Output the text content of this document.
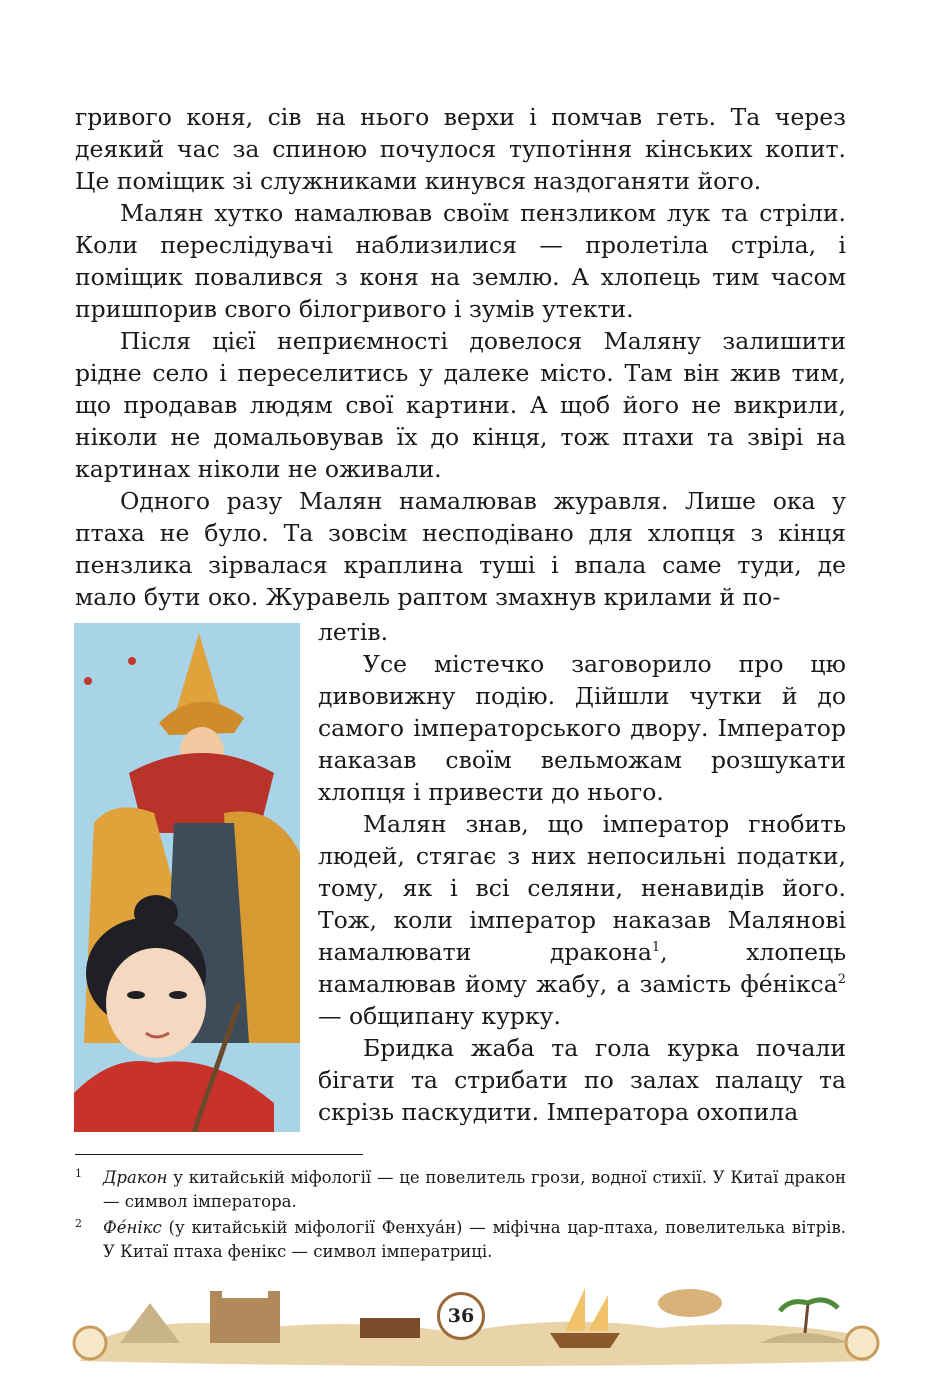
гривого коня, сів на нього верхи і помчав геть. Та через деякий час за спиною почулося тупотіння кінських копит. Це поміщик зі служниками кинувся наздоганяти його.

Малян хутко намалював своїм пензликом лук та стріли. Коли переслідувачі наблизилися — пролетіла стріла, і поміщик повалився з коня на землю. А хлопець тим часом пришпорив свого білогривого і зумів утекти.

Після цієї неприємності довелося Маляну залишити рідне село і переселитись у далеке місто. Там він жив тим, що продавав людям свої картини. А щоб його не викрили, ніколи не домальовував їх до кінця, тож птахи та звірі на картинах ніколи не оживали.

Одного разу Малян намалював журавля. Лише ока у птаха не було. Та зовсім несподівано для хлопця з кінця пензлика зірвалася краплина туші і впала саме туди, де мало бути око. Журавель раптом змахнув крилами й по-

летів.

Усе містечко заговорило про цю дивовижну подію. Дійшли чутки й до самого імператорського двору. Імператор наказав своїм вельможам розшукати хлопця і привести до нього.

Малян знав, що імператор гнобить людей, стягає з них непосильні податки, тому, як і всі селяни, ненавидів його. Тож, коли імператор наказав Малянові намалювати дракона$^1$, хлопець намалював йому жабу, а замість фе́нікса$^2$ — общипану курку.

Бридка жаба та гола курка почали бігати та стрибати по залах палацу та скрізь паскудити. Імператора охопила

1 Дракон у китайській міфології — це повелитель грози, водної стихії. У Китаї дракон — символ імператора.

2 Фе́нікс (у китайській міфології Фенхуа́н) — міфічна цар-птаха, повелителька вітрів. У Китаї птаха фенікс — символ імператриці.

36
